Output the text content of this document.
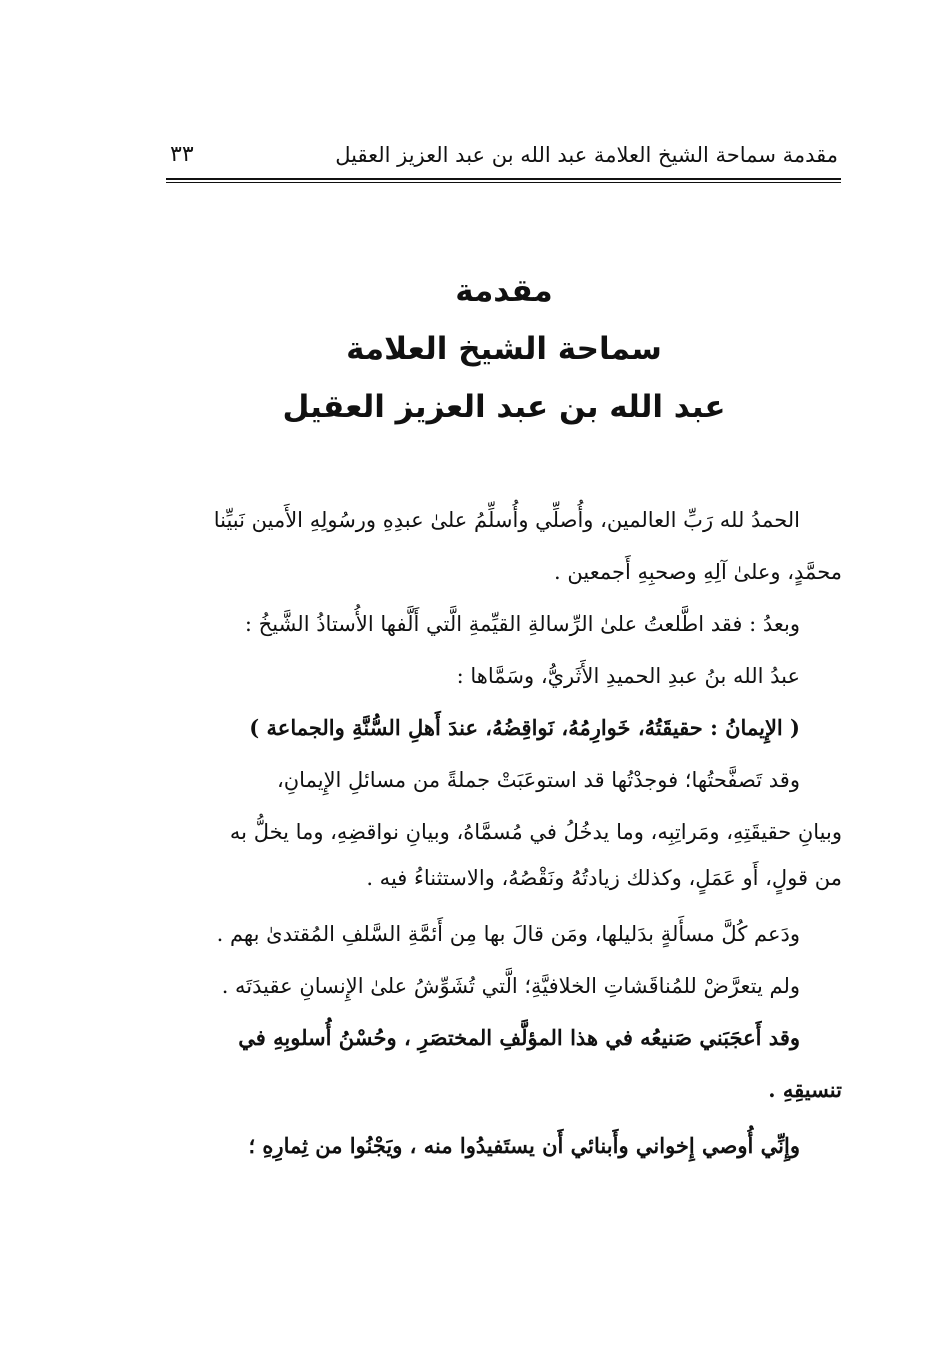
مقدمة سماحة الشيخ العلامة عبد الله بن عبد العزيز العقيل
٣٣
مقدمة
سماحة الشيخ العلامة
عبد الله بن عبد العزيز العقيل
الحمدُ لله رَبِّ العالمين، وأُصلِّي وأُسلِّمُ علىٰ عبدِهِ ورسُولِهِ الأَمين نَبيِّنا
محمَّدٍ، وعلىٰ آلِهِ وصحبِهِ أَجمعين .
وبعدُ : فقد اطَّلعتُ علىٰ الرِّسالةِ القيِّمةِ الَّتي أَلَّفها الأُستاذُ الشَّيخُ :
عبدُ الله بنُ عبدِ الحميدِ الأَثَريُّ، وسَمَّاها :
( الإِيمانُ : حقيقَتُهُ، خَوارِمُهُ، نَواقِضُهُ، عندَ أَهلِ السُّنَّةِ والجماعة )
وقد تَصفَّحتُها؛ فوجدْتُها قد استوعَبَتْ جملةً من مسائلِ الإِيمانِ،
وبيانِ حقيقَتِهِ، ومَراتِبِه، وما يدخُلُ في مُسمَّاهُ، وبيانِ نواقضِهِ، وما يخلُّ به
من قولٍ، أَو عَمَلٍ، وكذلك زيادتُهُ ونَقْصُهُ، والاستثناءُ فيه .
ودَعم كُلَّ مسأَلةٍ بدَليلها، ومَن قالَ بها مِن أَئمَّةِ السَّلفِ المُقتدىٰ بهم .
ولم يتعرَّضْ للمُناقَشاتِ الخلافيَّةِ؛ الَّتي تُشَوِّشُ علىٰ الإِنسانِ عقيدَتَه .
وقد أَعجَبَني صَنيعُه في هذا المؤلَّفِ المختصَرِ ، وحُسْنُ أُسلوبِهِ في
تنسيقِهِ .
وإِنِّي أُوصي إِخواني وأَبنائي أَن يستَفيدُوا منه ، ويَجْنُوا من ثِمارِهِ ؛
